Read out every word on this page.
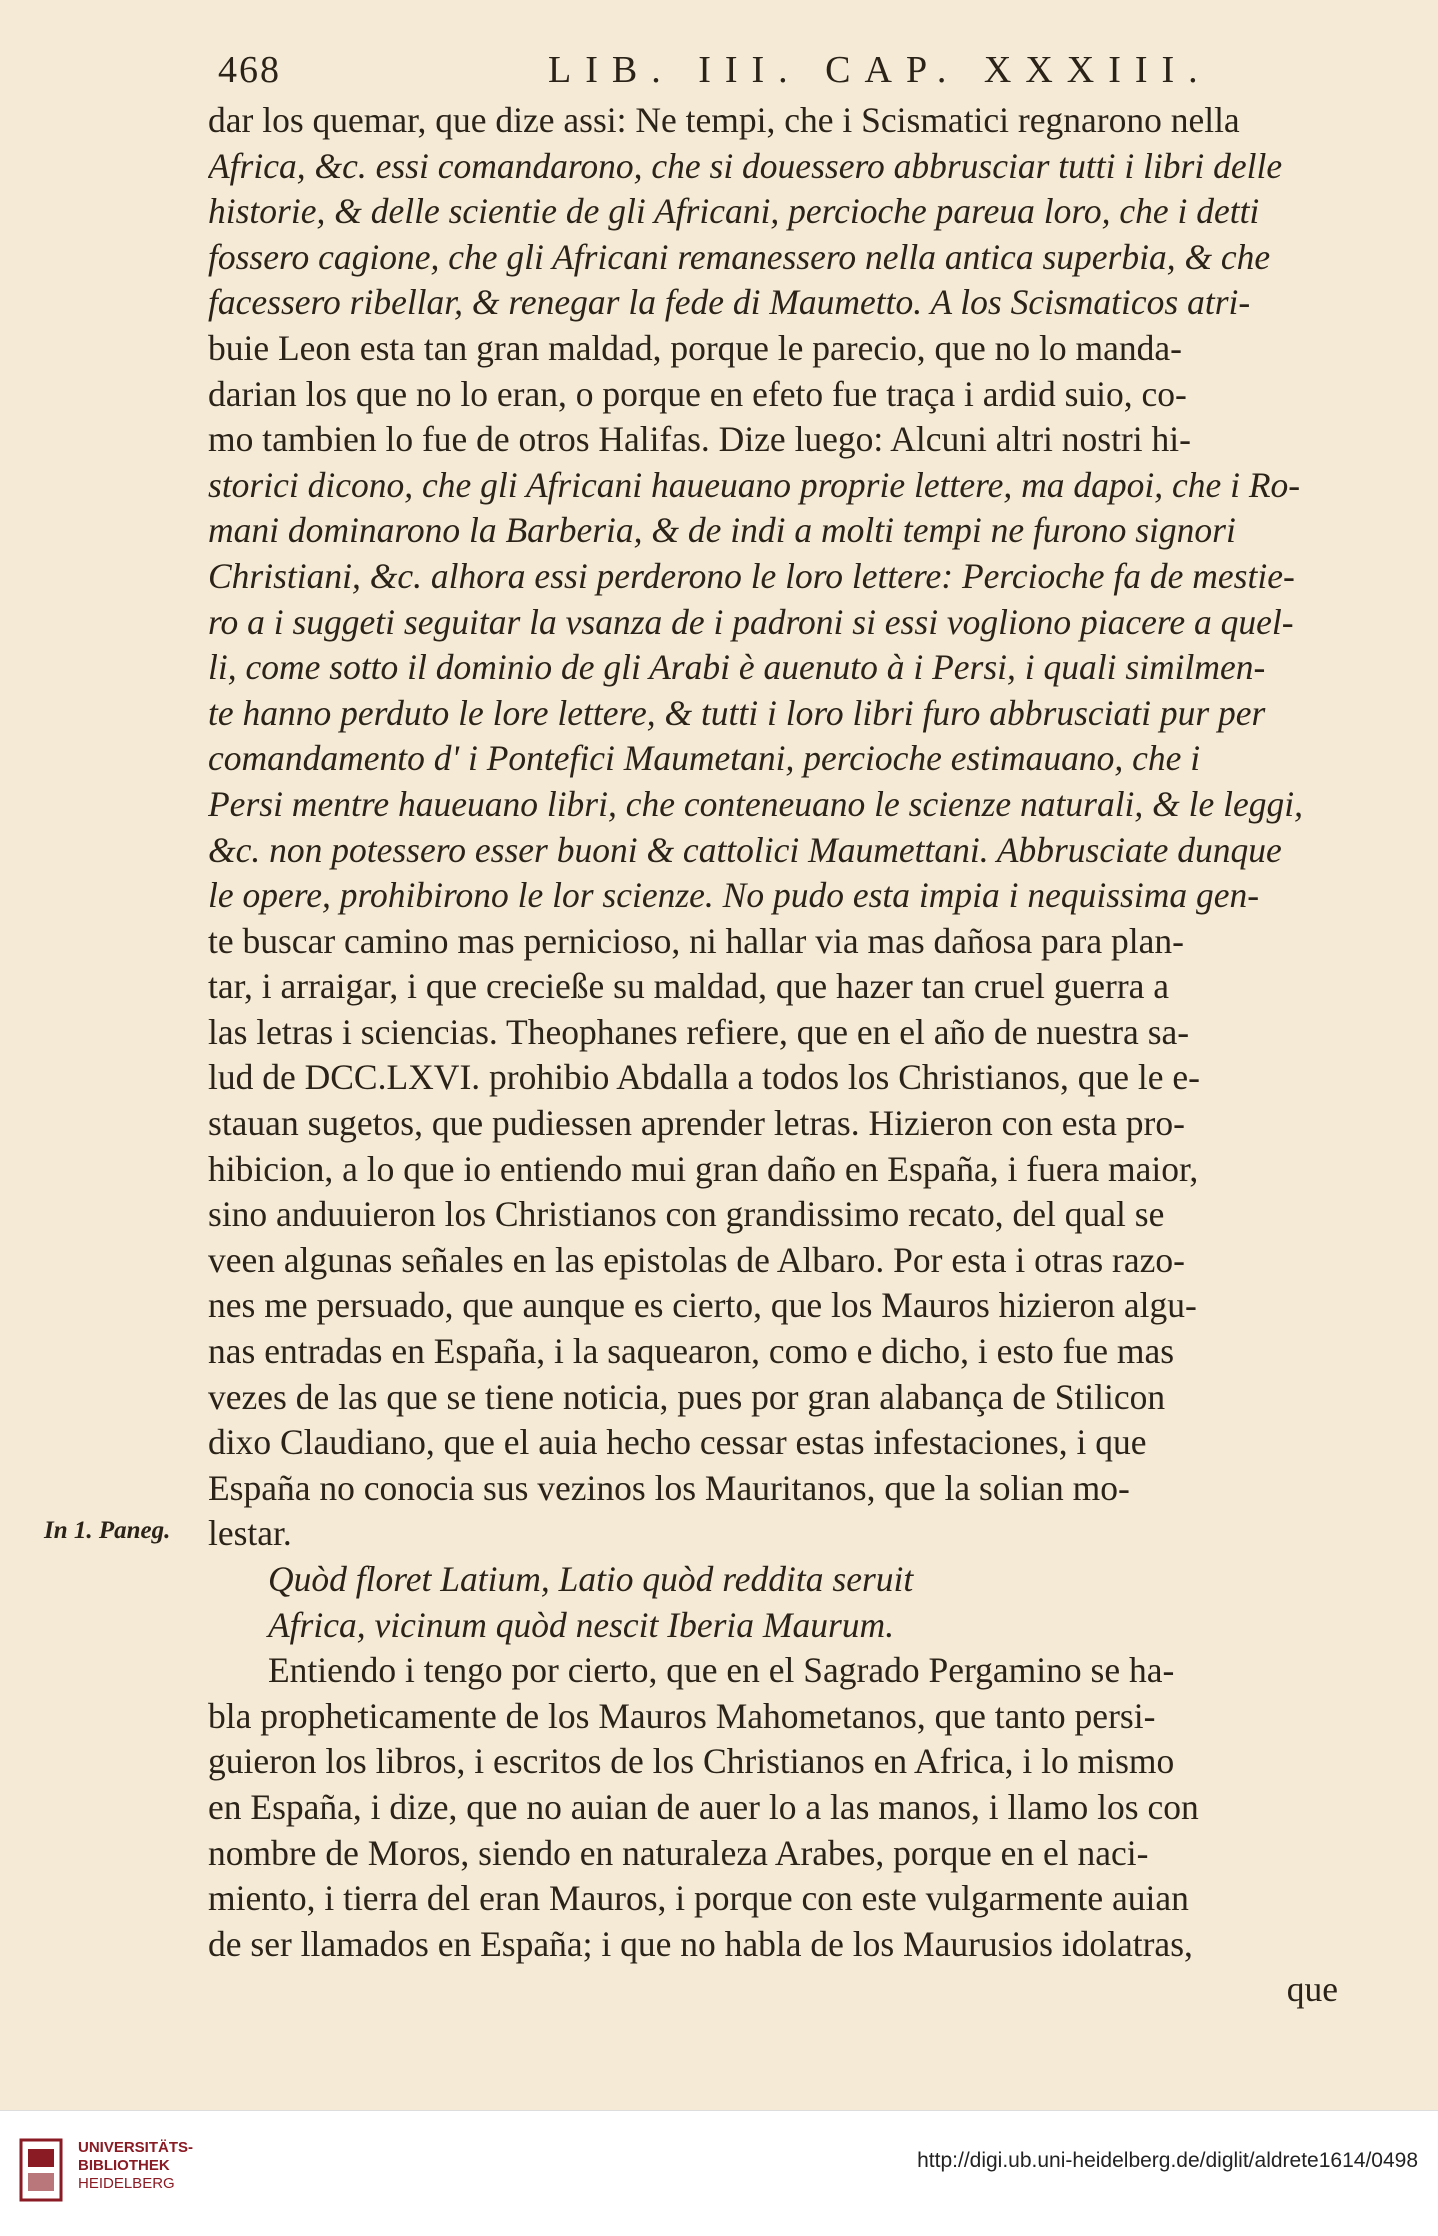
468	LIB. III. CAP. XXXIII.
dar los quemar, que dize assi: Ne tempi, che i Scismatici regnarono nella
Africa, &c. essi comandarono, che si douessero abbrusciar tutti i libri delle
historie, & delle scientie de gli Africani, percioche pareua loro, che i detti
fossero cagione, che gli Africani remanessero nella antica superbia, & che
facessero ribellar, & renegar la fede di Maumetto. A los Scismaticos atri-
buie Leon esta tan gran maldad, porque le parecio, que no lo manda-
darian los que no lo eran, o porque en efeto fue traça i ardid suio, co-
mo tambien lo fue de otros Halifas. Dize luego: Alcuni altri nostri hi-
storici dicono, che gli Africani haueuano proprie lettere, ma dapoi, che i Ro-
mani dominarono la Barberia, & de indi a molti tempi ne furono signori
Christiani, &c. alhora essi perderono le loro lettere: Percioche fa de mestie-
ro a i suggeti seguitar la vsanza de i padroni si essi vogliono piacere a quel-
li, come sotto il dominio de gli Arabi è auenuto à i Persi, i quali similmen-
te hanno perduto le lore lettere, & tutti i loro libri furo abbrusciati pur per
comandamento d' i Pontefici Maumetani, percioche estimauano, che i
Persi mentre haueuano libri, che conteneuano le scienze naturali, & le leggi,
&c. non potessero esser buoni & cattolici Maumettani. Abbrusciate dunque
le opere, prohibirono le lor scienze. No pudo esta impia i nequissima gen-
te buscar camino mas pernicioso, ni hallar via mas dañosa para plan-
tar, i arraigar, i que crecieße su maldad, que hazer tan cruel guerra a
las letras i sciencias. Theophanes refiere, que en el año de nuestra sa-
lud de DCC.LXVI. prohibio Abdalla a todos los Christianos, que le e-
stauan sugetos, que pudiessen aprender letras. Hizieron con esta pro-
hibicion, a lo que io entiendo mui gran daño en España, i fuera maior,
sino anduuieron los Christianos con grandissimo recato, del qual se
veen algunas señales en las epistolas de Albaro. Por esta i otras razo-
nes me persuado, que aunque es cierto, que los Mauros hizieron algu-
nas entradas en España, i la saquearon, como e dicho, i esto fue mas
vezes de las que se tiene noticia, pues por gran alabança de Stilicon
dixo Claudiano, que el auia hecho cessar estas infestaciones, i que
España no conocia sus vezinos los Mauritanos, que la solian mo-
lestar.
Quòd floret Latium, Latio quòd reddita seruit
Africa, vicinum quòd nescit Iberia Maurum.
Entiendo i tengo por cierto, que en el Sagrado Pergamino se ha-
bla propheticamente de los Mauros Mahometanos, que tanto persi-
guieron los libros, i escritos de los Christianos en Africa, i lo mismo
en España, i dize, que no auian de auer lo a las manos, i llamo los con
nombre de Moros, siendo en naturaleza Arabes, porque en el naci-
miento, i tierra del eran Mauros, i porque con este vulgarmente auian
de ser llamados en España; i que no habla de los Maurusios idolatras,
que
In 1. Paneg.
UNIVERSITÄTS-
BIBLIOTHEK
HEIDELBERG
http://digi.ub.uni-heidelberg.de/diglit/aldrete1614/0498
